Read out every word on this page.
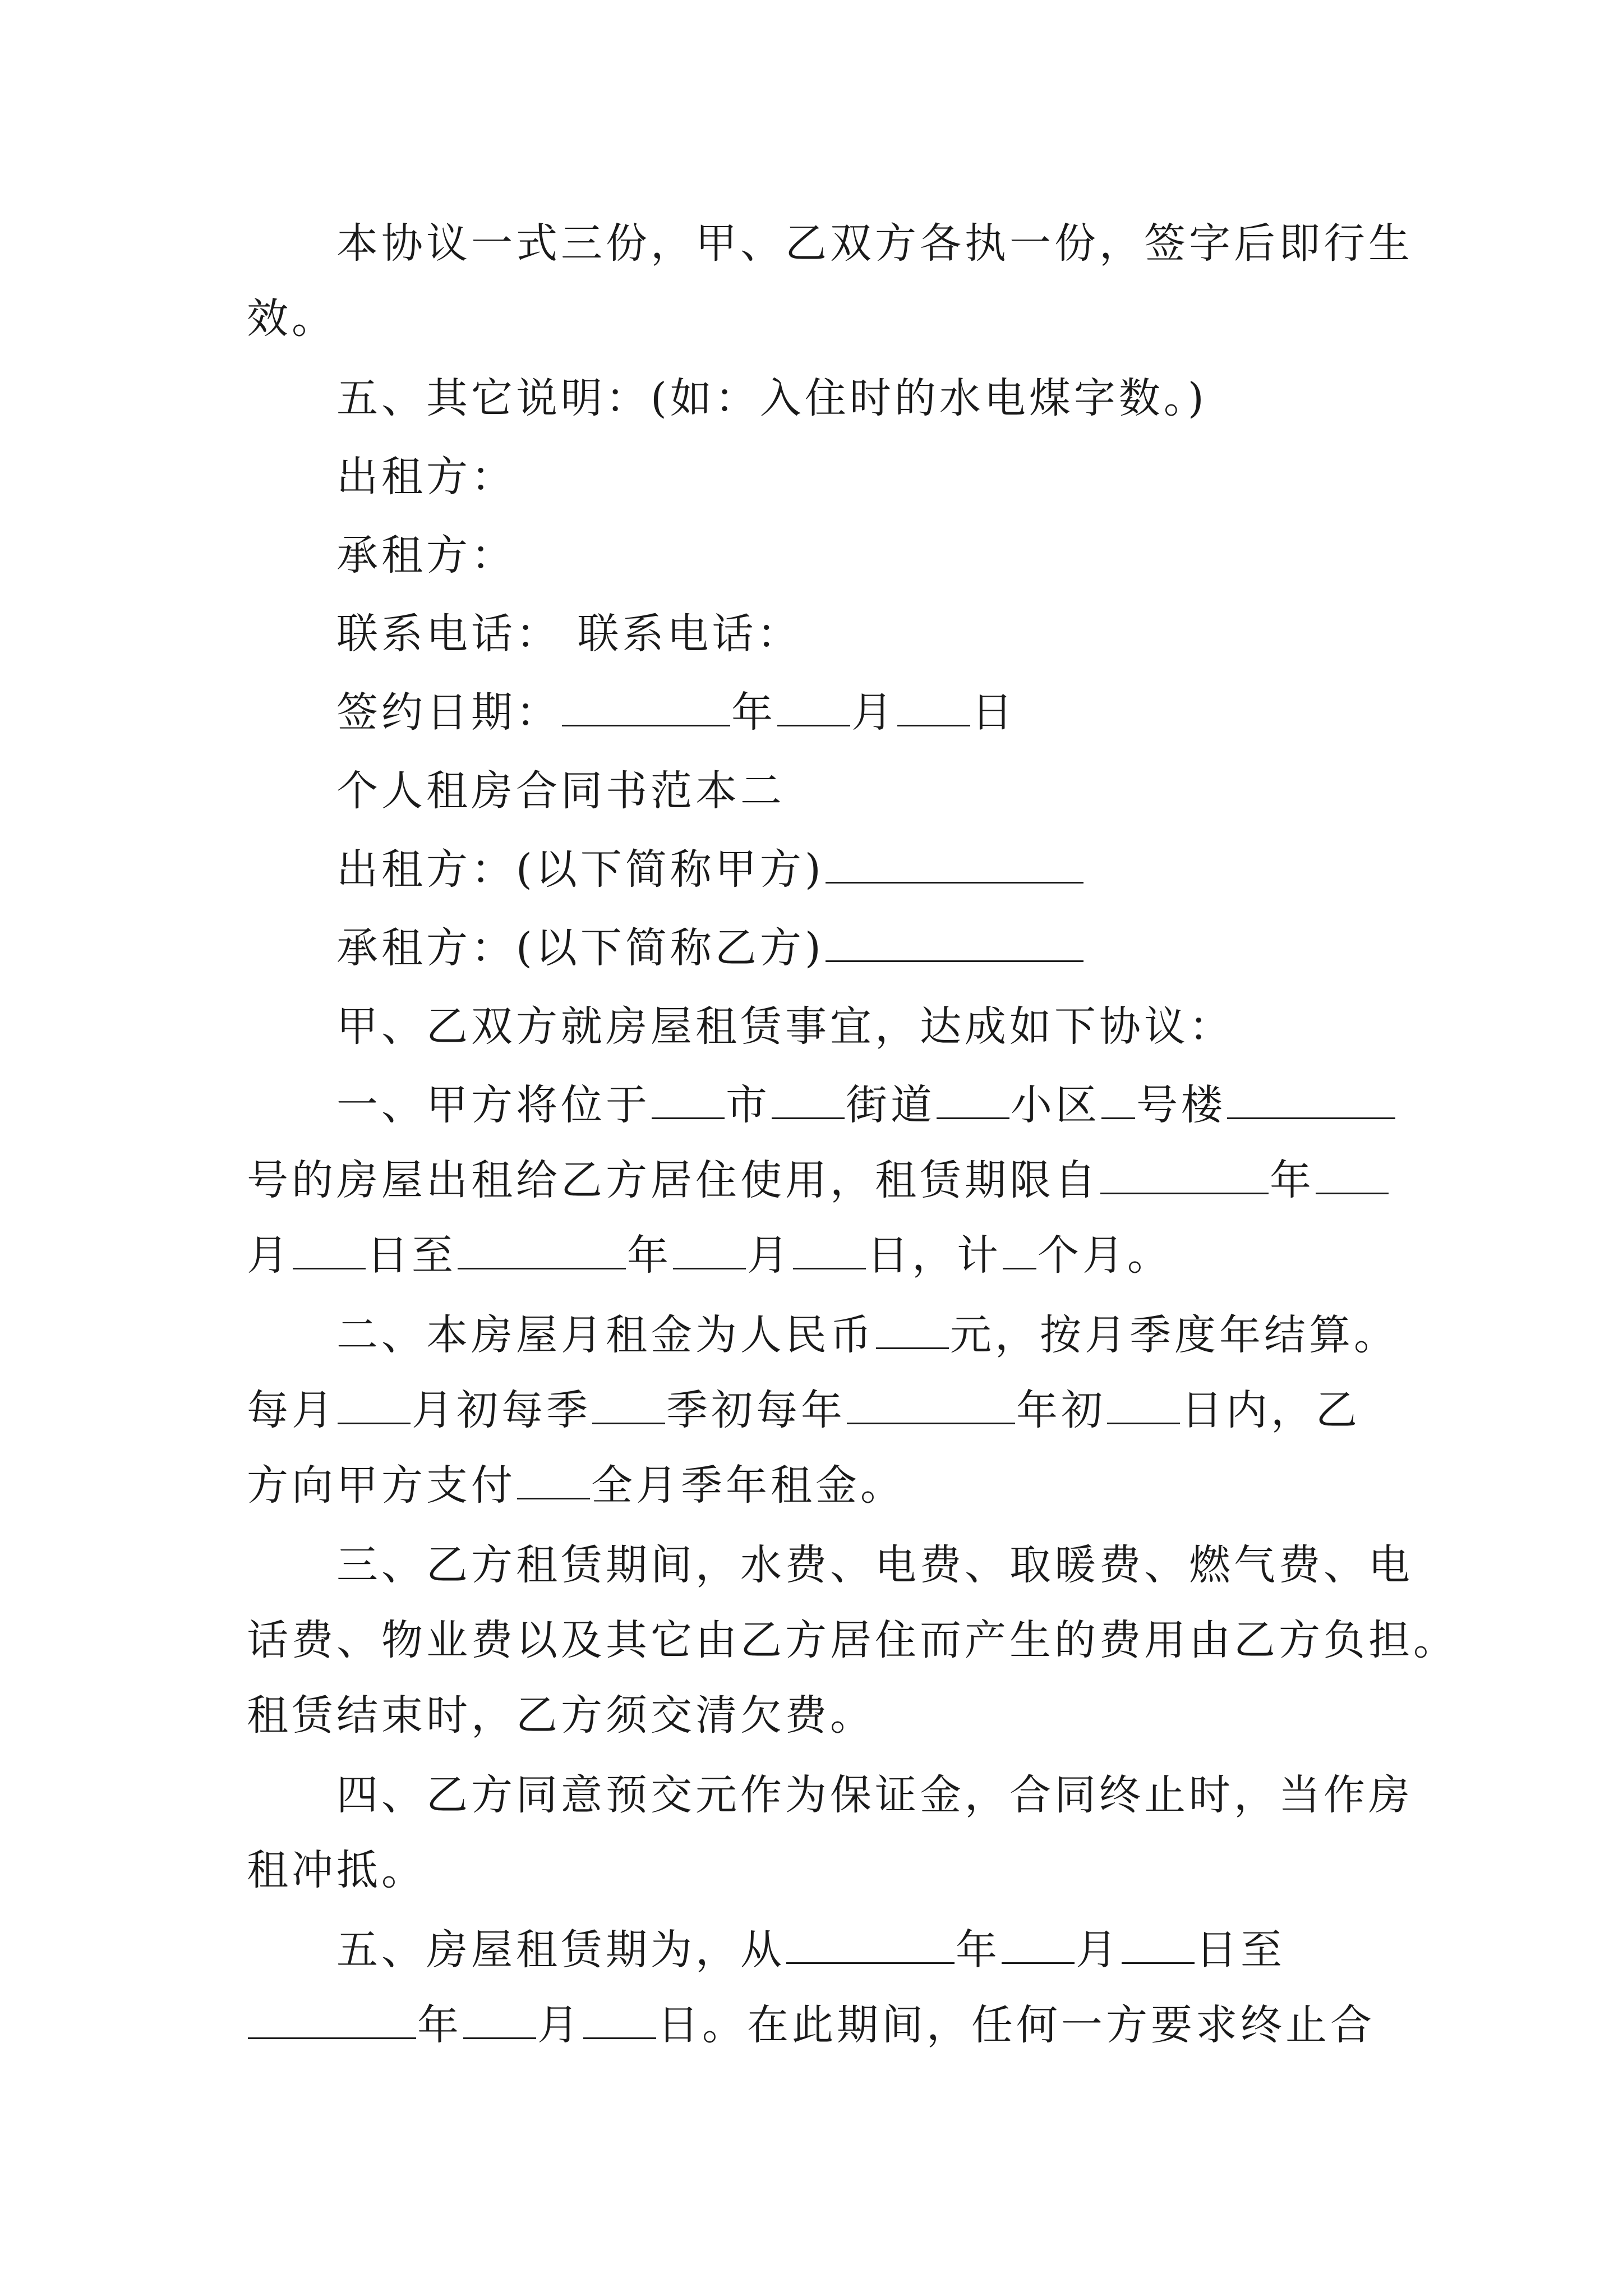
本协议一式三份，甲、乙双方各执一份，签字后即行生
效。
五、其它说明：(如：入住时的水电煤字数。)
出租方：
承租方：
联系电话： 联系电话：
签约日期：	年 月 日
个人租房合同书范本二
出租方：(以下简称甲方)
承租方：(以下简称乙方)
甲、乙双方就房屋租赁事宜，达成如下协议：
一、甲方将位于 市 街道 小区 号楼
号的房屋出租给乙方居住使用，租赁期限自	年
月 日至	年 月 日，计 个月。
二、本房屋月租金为人民币 元，按月季度年结算。
每月 月初每季 季初每年	年初 日内，乙
方向甲方支付 全月季年租金。
三、乙方租赁期间，水费、电费、取暖费、燃气费、电
话费、物业费以及其它由乙方居住而产生的费用由乙方负担。
租赁结束时，乙方须交清欠费。
四、乙方同意预交元作为保证金，合同终止时，当作房
租冲抵。
五、房屋租赁期为，从	年 月 日至
年 月 日。在此期间，任何一方要求终止合
